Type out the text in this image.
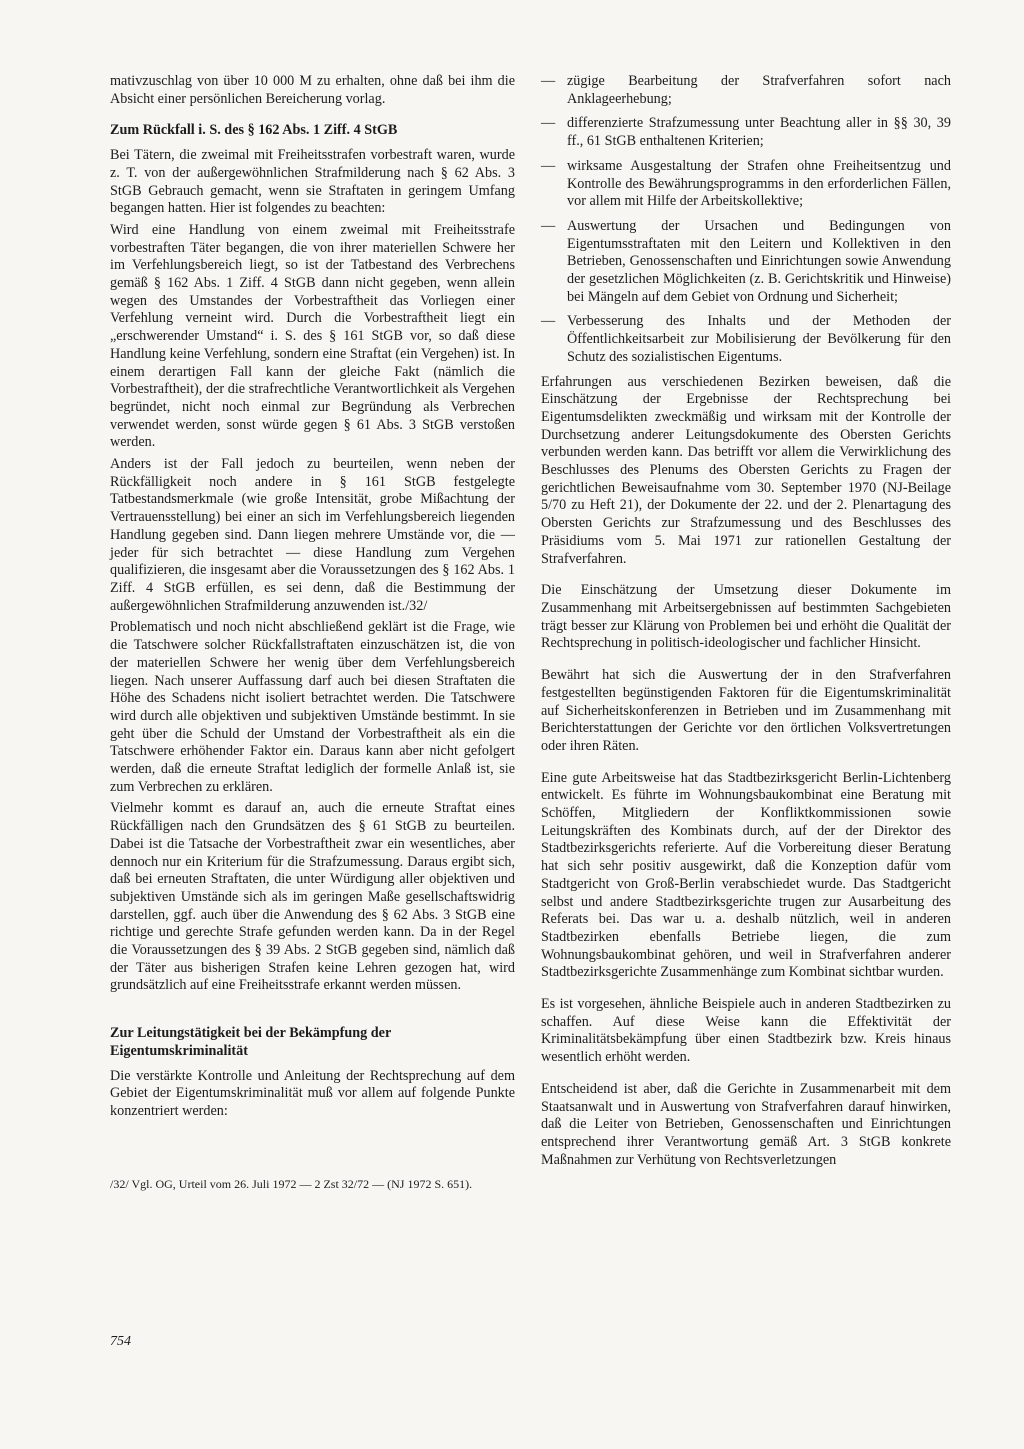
mativzuschlag von über 10 000 M zu erhalten, ohne daß bei ihm die Absicht einer persönlichen Bereicherung vorlag.

Zum Rückfall i. S. des § 162 Abs. 1 Ziff. 4 StGB

Bei Tätern, die zweimal mit Freiheitsstrafen vorbestraft waren, wurde z. T. von der außergewöhnlichen Strafmilderung nach § 62 Abs. 3 StGB Gebrauch gemacht, wenn sie Straftaten in geringem Umfang begangen hatten. Hier ist folgendes zu beachten:

Wird eine Handlung von einem zweimal mit Freiheitsstrafe vorbestraften Täter begangen, die von ihrer materiellen Schwere her im Verfehlungsbereich liegt, so ist der Tatbestand des Verbrechens gemäß § 162 Abs. 1 Ziff. 4 StGB dann nicht gegeben, wenn allein wegen des Umstandes der Vorbestraftheit das Vorliegen einer Verfehlung verneint wird. Durch die Vorbestraftheit liegt ein „erschwerender Umstand“ i. S. des § 161 StGB vor, so daß diese Handlung keine Verfehlung, sondern eine Straftat (ein Vergehen) ist. In einem derartigen Fall kann der gleiche Fakt (nämlich die Vorbestraftheit), der die strafrechtliche Verantwortlichkeit als Vergehen begründet, nicht noch einmal zur Begründung als Verbrechen verwendet werden, sonst würde gegen § 61 Abs. 3 StGB verstoßen werden.

Anders ist der Fall jedoch zu beurteilen, wenn neben der Rückfälligkeit noch andere in § 161 StGB festgelegte Tatbestandsmerkmale (wie große Intensität, grobe Mißachtung der Vertrauensstellung) bei einer an sich im Verfehlungsbereich liegenden Handlung gegeben sind. Dann liegen mehrere Umstände vor, die — jeder für sich betrachtet — diese Handlung zum Vergehen qualifizieren, die insgesamt aber die Voraussetzungen des § 162 Abs. 1 Ziff. 4 StGB erfüllen, es sei denn, daß die Bestimmung der außergewöhnlichen Strafmilderung anzuwenden ist./32/

Problematisch und noch nicht abschließend geklärt ist die Frage, wie die Tatschwere solcher Rückfallstraftaten einzuschätzen ist, die von der materiellen Schwere her wenig über dem Verfehlungsbereich liegen. Nach unserer Auffassung darf auch bei diesen Straftaten die Höhe des Schadens nicht isoliert betrachtet werden. Die Tatschwere wird durch alle objektiven und subjektiven Umstände bestimmt. In sie geht über die Schuld der Umstand der Vorbestraftheit als ein die Tatschwere erhöhender Faktor ein. Daraus kann aber nicht gefolgert werden, daß die erneute Straftat lediglich der formelle Anlaß ist, sie zum Verbrechen zu erklären.

Vielmehr kommt es darauf an, auch die erneute Straftat eines Rückfälligen nach den Grundsätzen des § 61 StGB zu beurteilen. Dabei ist die Tatsache der Vorbestraftheit zwar ein wesentliches, aber dennoch nur ein Kriterium für die Strafzumessung. Daraus ergibt sich, daß bei erneuten Straftaten, die unter Würdigung aller objektiven und subjektiven Umstände sich als im geringen Maße gesellschaftswidrig darstellen, ggf. auch über die Anwendung des § 62 Abs. 3 StGB eine richtige und gerechte Strafe gefunden werden kann. Da in der Regel die Voraussetzungen des § 39 Abs. 2 StGB gegeben sind, nämlich daß der Täter aus bisherigen Strafen keine Lehren gezogen hat, wird grundsätzlich auf eine Freiheitsstrafe erkannt werden müssen.

Zur Leitungstätigkeit bei der Bekämpfung der Eigentumskriminalität

Die verstärkte Kontrolle und Anleitung der Rechtsprechung auf dem Gebiet der Eigentumskriminalität muß vor allem auf folgende Punkte konzentriert werden:

/32/ Vgl. OG, Urteil vom 26. Juli 1972 — 2 Zst 32/72 — (NJ 1972 S. 651).
— zügige Bearbeitung der Strafverfahren sofort nach Anklageerhebung;
— differenzierte Strafzumessung unter Beachtung aller in §§ 30, 39 ff., 61 StGB enthaltenen Kriterien;
— wirksame Ausgestaltung der Strafen ohne Freiheitsentzug und Kontrolle des Bewährungsprogramms in den erforderlichen Fällen, vor allem mit Hilfe der Arbeitskollektive;
— Auswertung der Ursachen und Bedingungen von Eigentumsstraftaten mit den Leitern und Kollektiven in den Betrieben, Genossenschaften und Einrichtungen sowie Anwendung der gesetzlichen Möglichkeiten (z. B. Gerichtskritik und Hinweise) bei Mängeln auf dem Gebiet von Ordnung und Sicherheit;
— Verbesserung des Inhalts und der Methoden der Öffentlichkeitsarbeit zur Mobilisierung der Bevölkerung für den Schutz des sozialistischen Eigentums.

Erfahrungen aus verschiedenen Bezirken beweisen, daß die Einschätzung der Ergebnisse der Rechtsprechung bei Eigentumsdelikten zweckmäßig und wirksam mit der Kontrolle der Durchsetzung anderer Leitungsdokumente des Obersten Gerichts verbunden werden kann. Das betrifft vor allem die Verwirklichung des Beschlusses des Plenums des Obersten Gerichts zu Fragen der gerichtlichen Beweisaufnahme vom 30. September 1970 (NJ-Beilage 5/70 zu Heft 21), der Dokumente der 22. und der 2. Plenartagung des Obersten Gerichts zur Strafzumessung und des Beschlusses des Präsidiums vom 5. Mai 1971 zur rationellen Gestaltung der Strafverfahren.

Die Einschätzung der Umsetzung dieser Dokumente im Zusammenhang mit Arbeitsergebnissen auf bestimmten Sachgebieten trägt besser zur Klärung von Problemen bei und erhöht die Qualität der Rechtsprechung in politisch-ideologischer und fachlicher Hinsicht.

Bewährt hat sich die Auswertung der in den Strafverfahren festgestellten begünstigenden Faktoren für die Eigentumskriminalität auf Sicherheitskonferenzen in Betrieben und im Zusammenhang mit Berichterstattungen der Gerichte vor den örtlichen Volksvertretungen oder ihren Räten.

Eine gute Arbeitsweise hat das Stadtbezirksgericht Berlin-Lichtenberg entwickelt. Es führte im Wohnungsbaukombinat eine Beratung mit Schöffen, Mitgliedern der Konfliktkommissionen sowie Leitungskräften des Kombinats durch, auf der der Direktor des Stadtbezirksgerichts referierte. Auf die Vorbereitung dieser Beratung hat sich sehr positiv ausgewirkt, daß die Konzeption dafür vom Stadtgericht von Groß-Berlin verabschiedet wurde. Das Stadtgericht selbst und andere Stadtbezirksgerichte trugen zur Ausarbeitung des Referats bei. Das war u. a. deshalb nützlich, weil in anderen Stadtbezirken ebenfalls Betriebe liegen, die zum Wohnungsbaukombinat gehören, und weil in Strafverfahren anderer Stadtbezirksgerichte Zusammenhänge zum Kombinat sichtbar wurden.

Es ist vorgesehen, ähnliche Beispiele auch in anderen Stadtbezirken zu schaffen. Auf diese Weise kann die Effektivität der Kriminalitätsbekämpfung über einen Stadtbezirk bzw. Kreis hinaus wesentlich erhöht werden.

Entscheidend ist aber, daß die Gerichte in Zusammenarbeit mit dem Staatsanwalt und in Auswertung von Strafverfahren darauf hinwirken, daß die Leiter von Betrieben, Genossenschaften und Einrichtungen entsprechend ihrer Verantwortung gemäß Art. 3 StGB konkrete Maßnahmen zur Verhütung von Rechtsverletzungen

754
